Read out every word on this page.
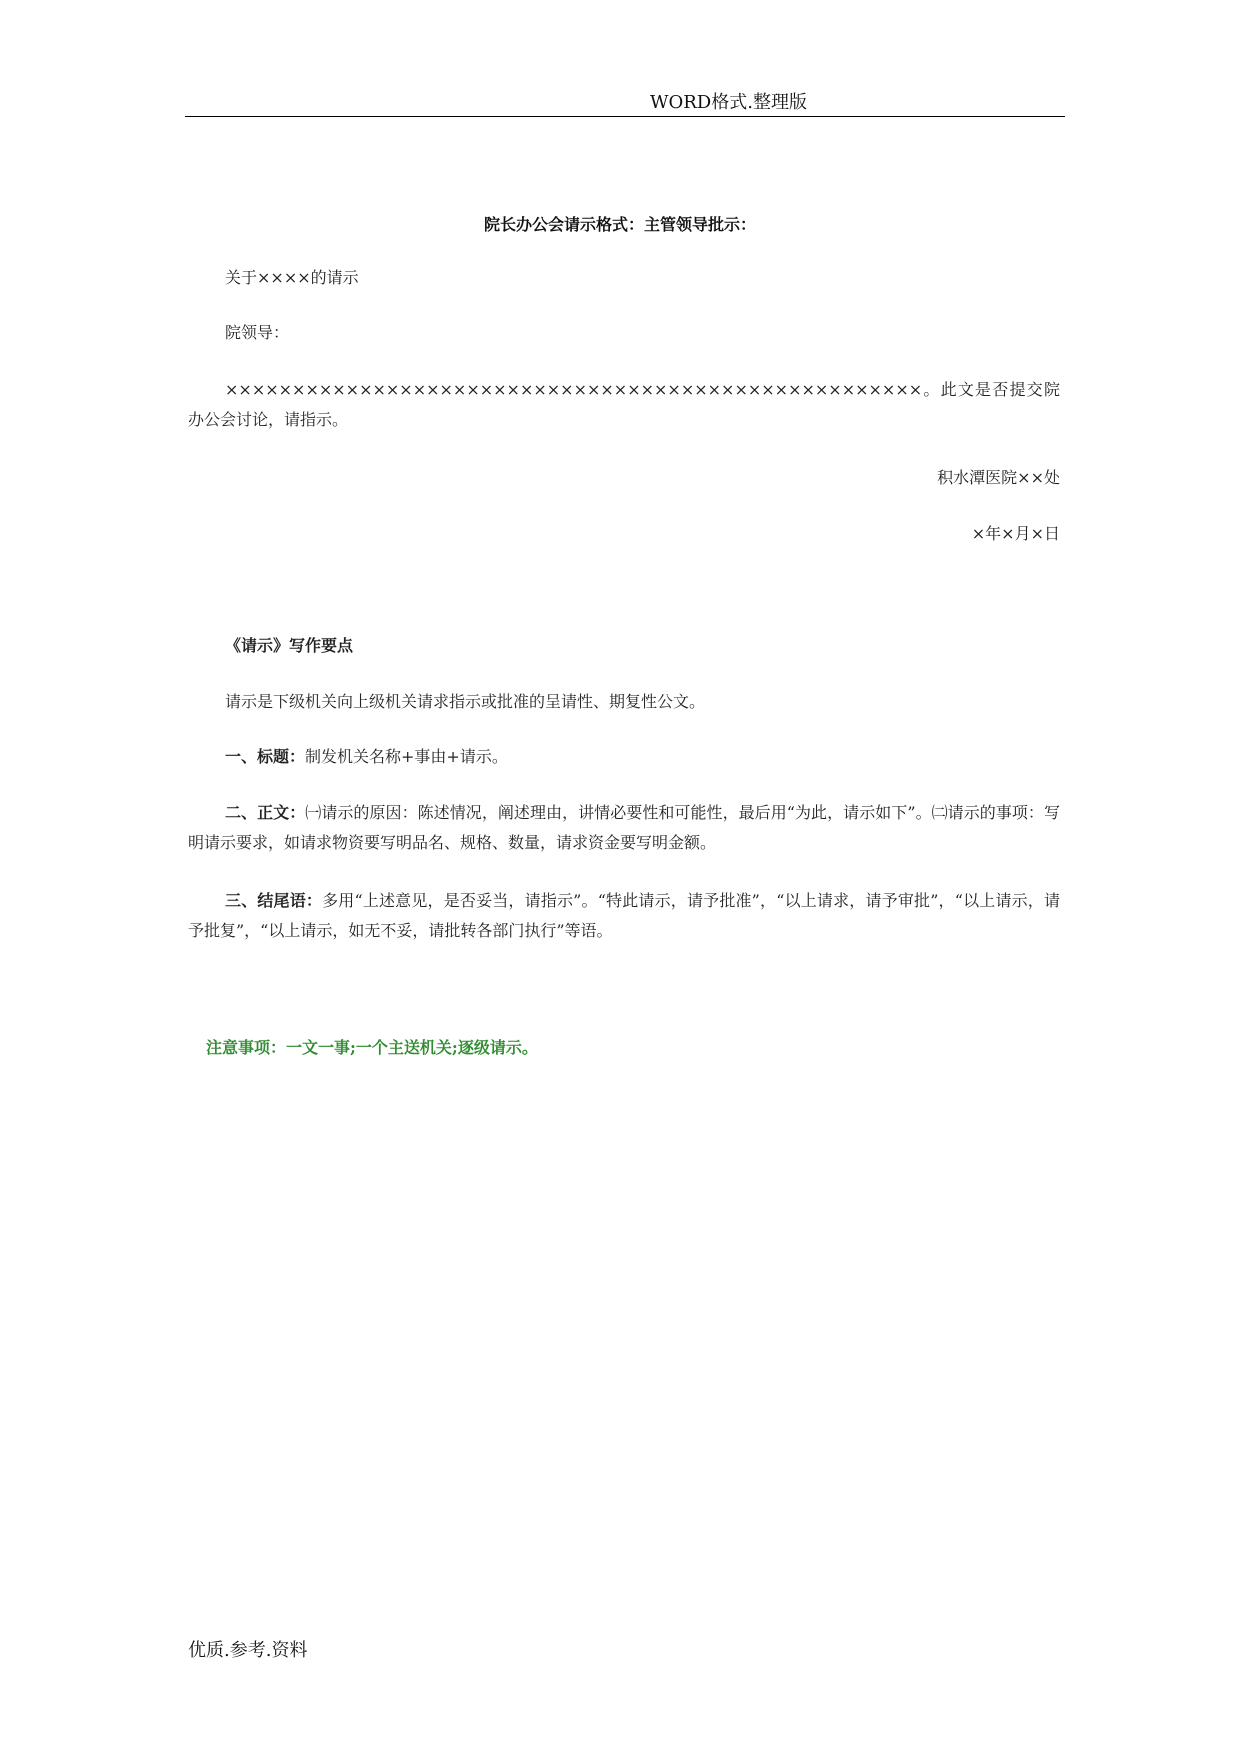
WORD格式.整理版
院长办公会请示格式：主管领导批示：
关于××××的请示
院领导：
××××××××××××××××××××××××××××××××××××××××××××××××××××。此文是否提交院办公会讨论，请指示。
积水潭医院××处
×年×月×日
《请示》写作要点
请示是下级机关向上级机关请求指示或批准的呈请性、期复性公文。
一、标题：制发机关名称+事由+请示。
二、正文：㈠请示的原因：陈述情况，阐述理由，讲情必要性和可能性，最后用“为此，请示如下”。㈡请示的事项：写明请示要求，如请求物资要写明品名、规格、数量，请求资金要写明金额。
三、结尾语：多用“上述意见，是否妥当，请指示”。“特此请示，请予批准”，“以上请求，请予审批”，“以上请示，请予批复”，“以上请示，如无不妥，请批转各部门执行”等语。
注意事项：一文一事;一个主送机关;逐级请示。
优质.参考.资料
